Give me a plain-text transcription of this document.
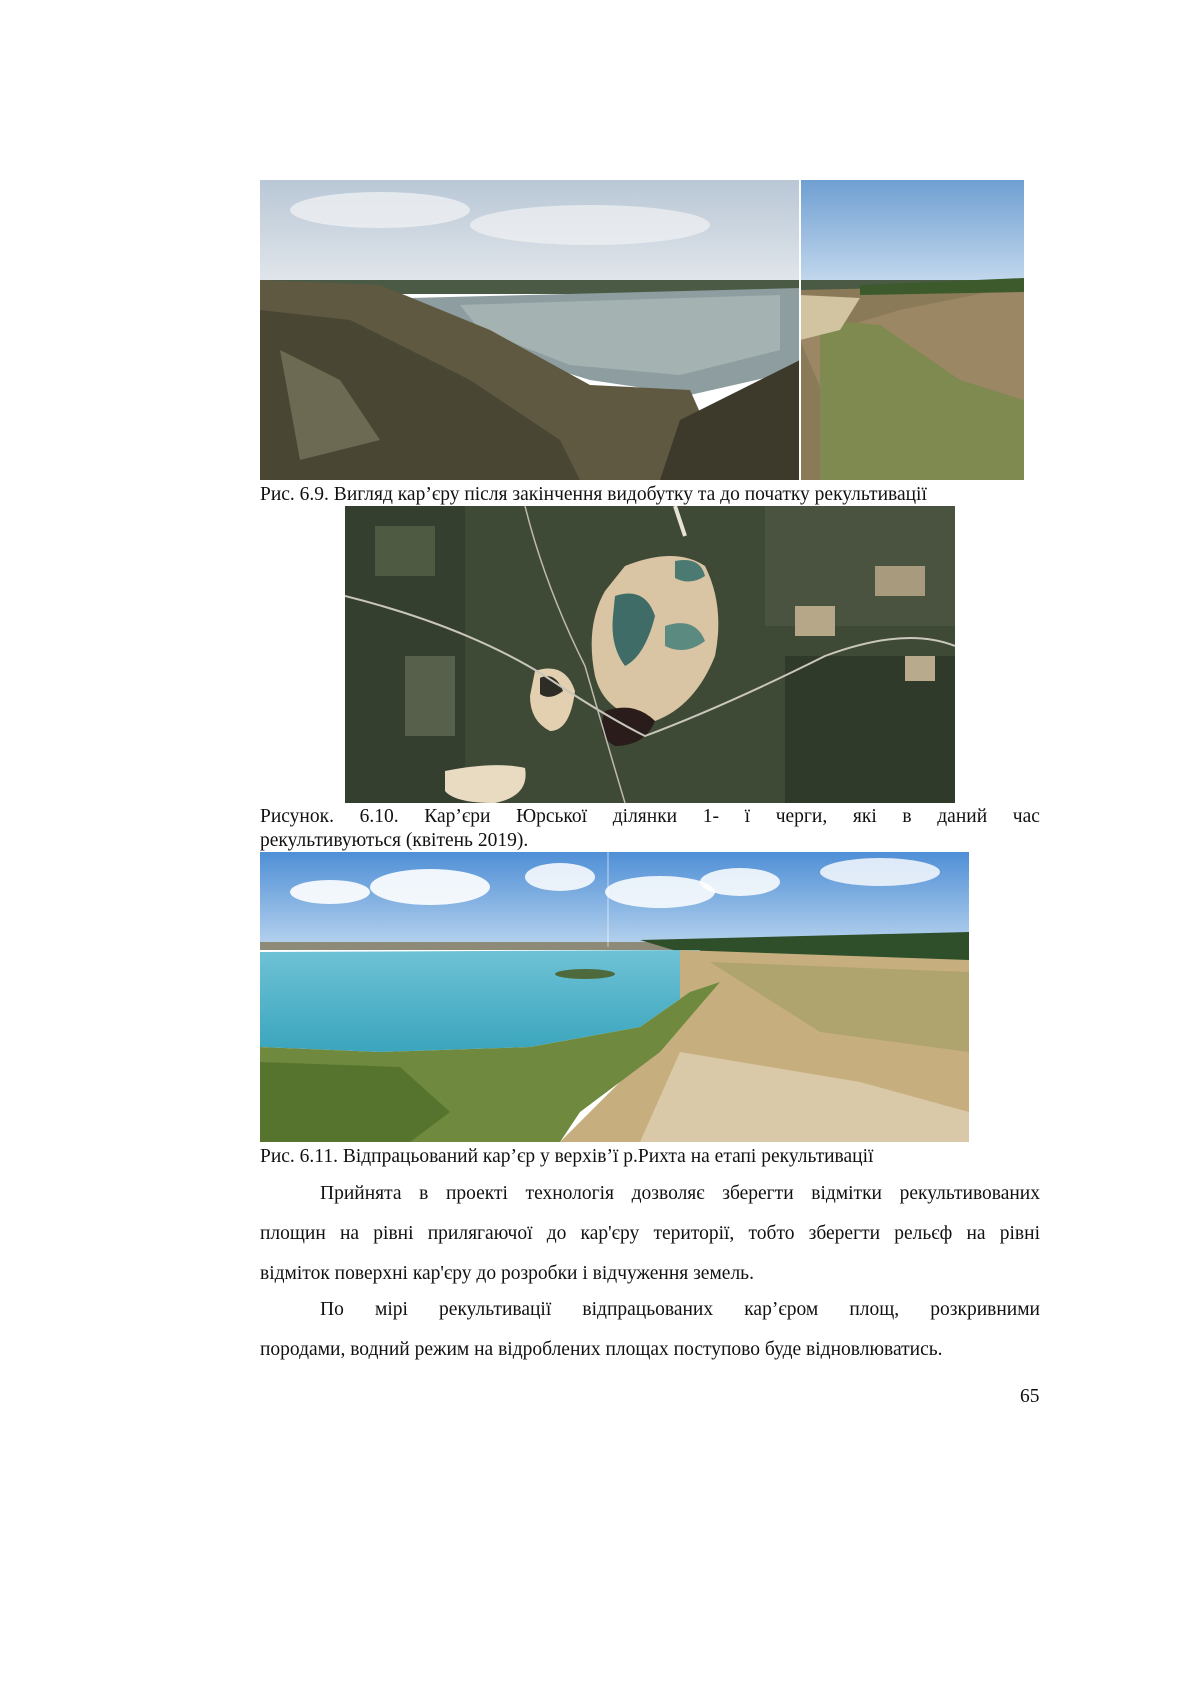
Рис. 6.9. Вигляд кар’єру після закінчення видобутку та до початку рекультивації
Рисунок. 6.10. Кар’єри Юрської ділянки 1- ї черги, які в даний час
рекультивуються (квітень 2019).
Рис. 6.11. Відпрацьований кар’єр у верхів’ї р.Рихта на етапі рекультивації
Прийнята в проекті технологія дозволяє зберегти відмітки рекультивованих
площин на рівні прилягаючої до кар'єру території, тобто зберегти рельєф на рівні
відміток поверхні кар'єру до розробки і відчуження земель.
По мірі рекультивації відпрацьованих кар’єром площ, розкривними
породами, водний режим на відроблених площах поступово буде відновлюватись.
65
